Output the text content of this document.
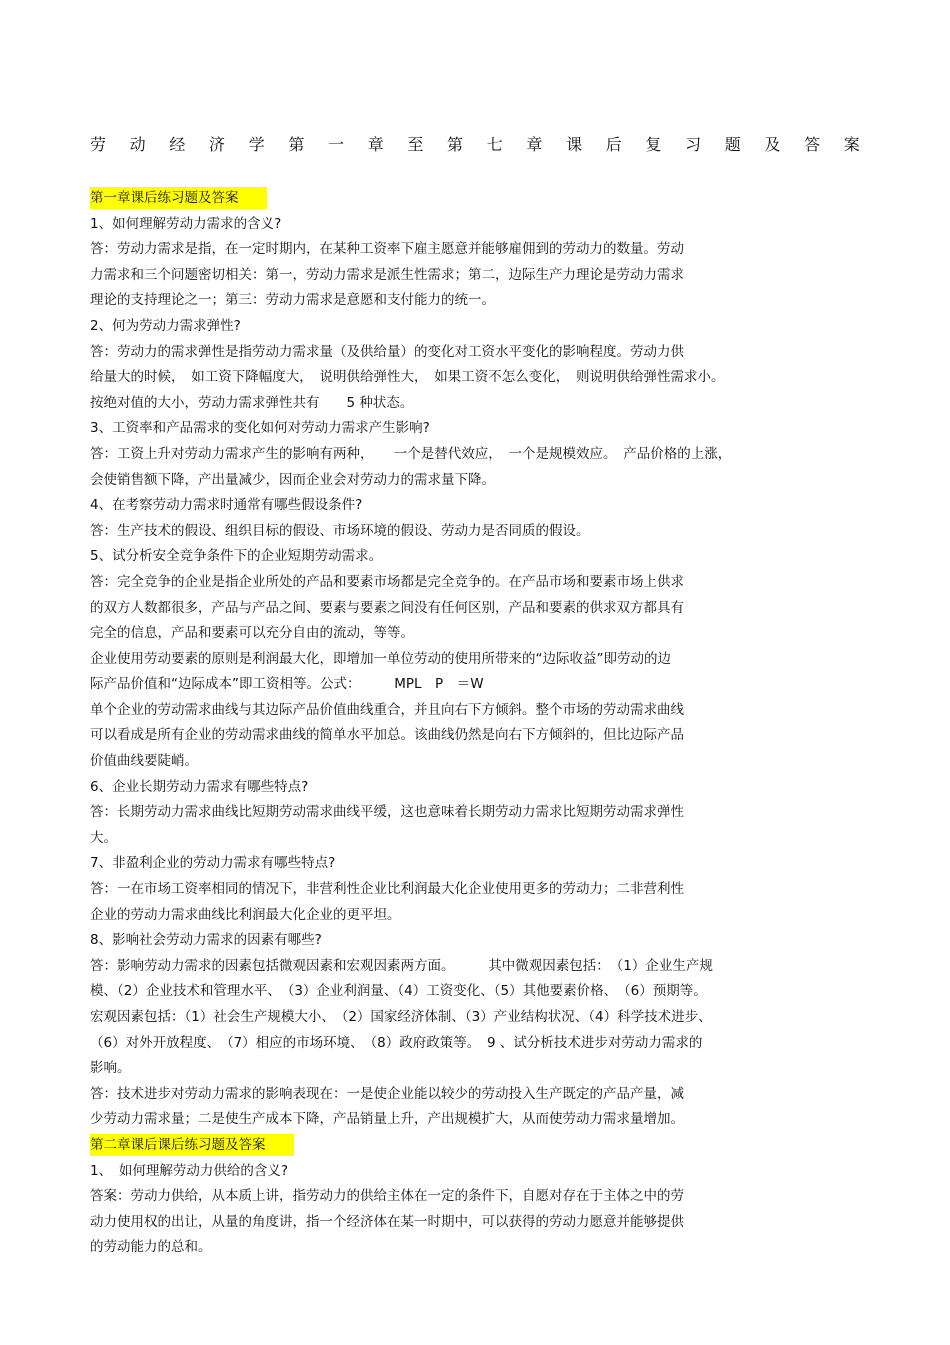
劳 动 经 济 学 第 一 章 至 第 七 章 课 后 复 习 题 及 答 案
第一章课后练习题及答案
1、如何理解劳动力需求的含义?
答：劳动力需求是指，在一定时期内，在某种工资率下雇主愿意并能够雇佣到的劳动力的数量。劳动
力需求和三个问题密切相关：第一，劳动力需求是派生性需求；第二，边际生产力理论是劳动力需求
理论的支持理论之一；第三：劳动力需求是意愿和支付能力的统一。
2、何为劳动力需求弹性?
答：劳动力的需求弹性是指劳动力需求量（及供给量）的变化对工资水平变化的影响程度。劳动力供
给量大的时候，　如工资下降幅度大，　说明供给弹性大，　如果工资不怎么变化，　则说明供给弹性需求小。
按绝对值的大小，劳动力需求弹性共有　　5 种状态。
3、工资率和产品需求的变化如何对劳动力需求产生影响?
答：工资上升对劳动力需求产生的影响有两种，　　一个是替代效应，　一个是规模效应。　产品价格的上涨，
会使销售额下降，产出量减少，因而企业会对劳动力的需求量下降。
4、在考察劳动力需求时通常有哪些假设条件?
答：生产技术的假设、组织目标的假设、市场环境的假设、劳动力是否同质的假设。
5、试分析安全竞争条件下的企业短期劳动需求。
答：完全竞争的企业是指企业所处的产品和要素市场都是完全竞争的。在产品市场和要素市场上供求
的双方人数都很多，产品与产品之间、要素与要素之间没有任何区别，产品和要素的供求双方都具有
完全的信息，产品和要素可以充分自由的流动，等等。
企业使用劳动要素的原则是利润最大化，即增加一单位劳动的使用所带来的“边际收益”即劳动的边
际产品价值和“边际成本”即工资相等。公式：　　　MPL　P　＝W
单个企业的劳动需求曲线与其边际产品价值曲线重合，并且向右下方倾斜。整个市场的劳动需求曲线
可以看成是所有企业的劳动需求曲线的简单水平加总。该曲线仍然是向右下方倾斜的，但比边际产品
价值曲线要陡峭。
6、企业长期劳动力需求有哪些特点?
答：长期劳动力需求曲线比短期劳动需求曲线平缓，这也意味着长期劳动力需求比短期劳动需求弹性
大。
7、非盈利企业的劳动力需求有哪些特点?
答：一在市场工资率相同的情况下，非营利性企业比利润最大化企业使用更多的劳动力；二非营利性
企业的劳动力需求曲线比利润最大化企业的更平坦。
8、影响社会劳动力需求的因素有哪些?
答：影响劳动力需求的因素包括微观因素和宏观因素两方面。　　　其中微观因素包括：　（1）企业生产规
模、（2）企业技术和管理水平、　（3）企业利润量、（4）工资变化、（5）其他要素价格、　（6）预期等。
宏观因素包括：（1）社会生产规模大小、　（2）国家经济体制、（3）产业结构状况、（4）科学技术进步、
（6）对外开放程度、　（7）相应的市场环境、　（8）政府政策等。　9 、试分析技术进步对劳动力需求的
影响。
答：技术进步对劳动力需求的影响表现在：一是使企业能以较少的劳动投入生产既定的产品产量，减
少劳动力需求量；二是使生产成本下降，产品销量上升，产出规模扩大，从而使劳动力需求量增加。
第二章课后课后练习题及答案
1、　如何理解劳动力供给的含义?
答案：劳动力供给，从本质上讲，指劳动力的供给主体在一定的条件下，自愿对存在于主体之中的劳
动力使用权的出让，从量的角度讲，指一个经济体在某一时期中，可以获得的劳动力愿意并能够提供
的劳动能力的总和。
